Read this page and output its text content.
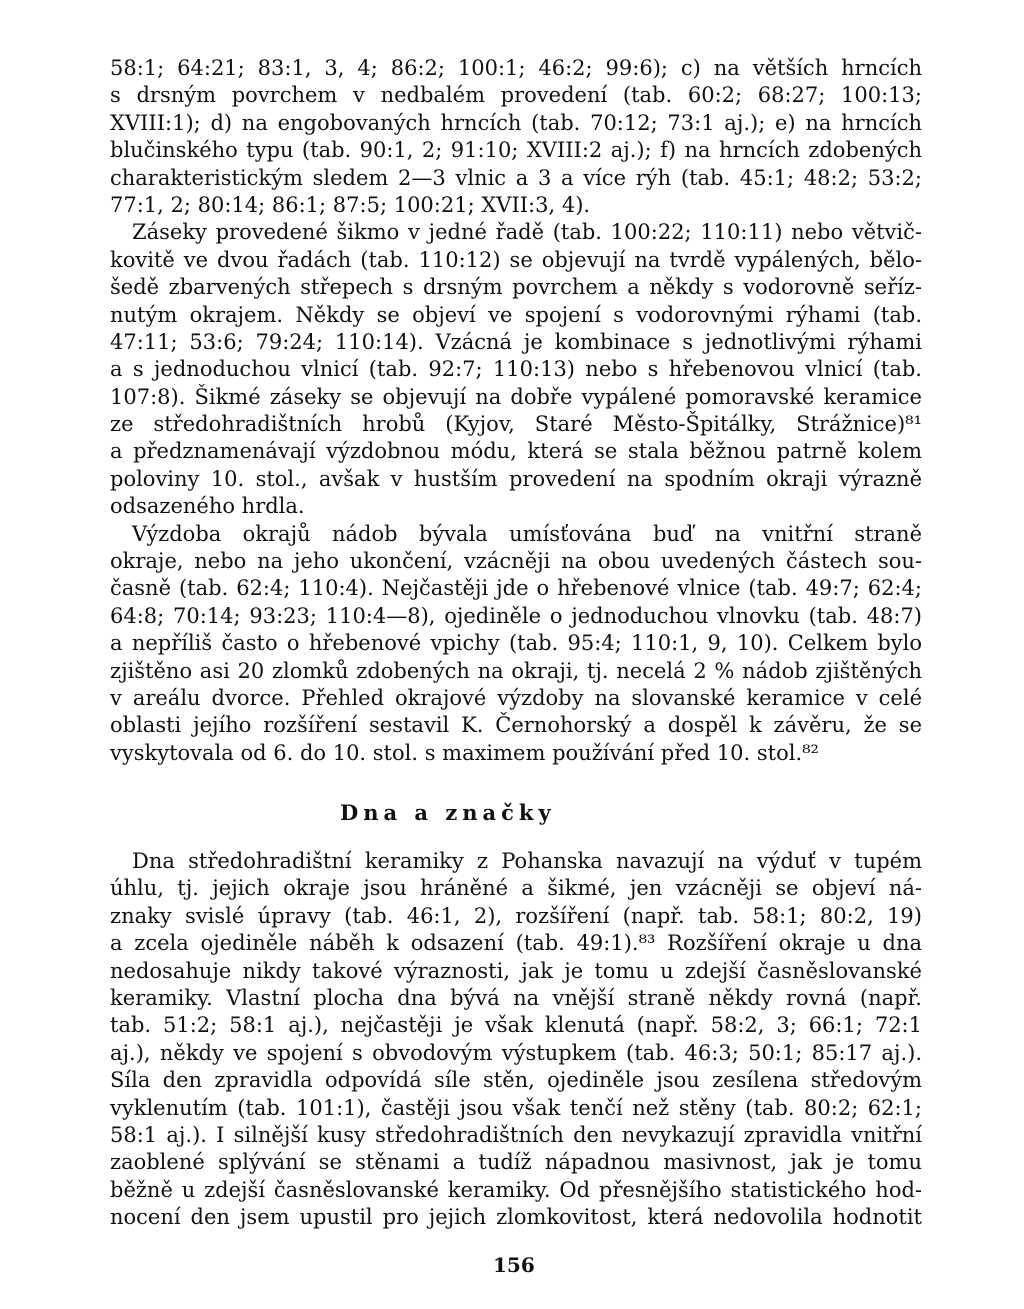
58:1; 64:21; 83:1, 3, 4; 86:2; 100:1; 46:2; 99:6); c) na větších hrncích
s drsným povrchem v nedbalém provedení (tab. 60:2; 68:27; 100:13;
XVIII:1); d) na engobovaných hrncích (tab. 70:12; 73:1 aj.); e) na hrncích
blučinského typu (tab. 90:1, 2; 91:10; XVIII:2 aj.); f) na hrncích zdobených
charakteristickým sledem 2—3 vlnic a 3 a více rýh (tab. 45:1; 48:2; 53:2;
77:1, 2; 80:14; 86:1; 87:5; 100:21; XVII:3, 4).
Záseky provedené šikmo v jedné řadě (tab. 100:22; 110:11) nebo větvič-
kovitě ve dvou řadách (tab. 110:12) se objevují na tvrdě vypálených, bělo-
šedě zbarvených střepech s drsným povrchem a někdy s vodorovně seříz-
nutým okrajem. Někdy se objeví ve spojení s vodorovnými rýhami (tab.
47:11; 53:6; 79:24; 110:14). Vzácná je kombinace s jednotlivými rýhami
a s jednoduchou vlnicí (tab. 92:7; 110:13) nebo s hřebenovou vlnicí (tab.
107:8). Šikmé záseky se objevují na dobře vypálené pomoravské keramice
ze středohradištních hrobů (Kyjov, Staré Město-Špitálky, Strážnice)⁸¹
a předznamenávají výzdobnou módu, která se stala běžnou patrně kolem
poloviny 10. stol., avšak v hustším provedení na spodním okraji výrazně
odsazeného hrdla.
Výzdoba okrajů nádob bývala umísťována buď na vnitřní straně
okraje, nebo na jeho ukončení, vzácněji na obou uvedených částech sou-
časně (tab. 62:4; 110:4). Nejčastěji jde o hřebenové vlnice (tab. 49:7; 62:4;
64:8; 70:14; 93:23; 110:4—8), ojediněle o jednoduchou vlnovku (tab. 48:7)
a nepříliš často o hřebenové vpichy (tab. 95:4; 110:1, 9, 10). Celkem bylo
zjištěno asi 20 zlomků zdobených na okraji, tj. necelá 2 % nádob zjištěných
v areálu dvorce. Přehled okrajové výzdoby na slovanské keramice v celé
oblasti jejího rozšíření sestavil K. Černohorský a dospěl k závěru, že se
vyskytovala od 6. do 10. stol. s maximem používání před 10. stol.⁸²
Dna a značky
Dna středohradištní keramiky z Pohanska navazují na výduť v tupém
úhlu, tj. jejich okraje jsou hráněné a šikmé, jen vzácněji se objeví ná-
znaky svislé úpravy (tab. 46:1, 2), rozšíření (např. tab. 58:1; 80:2, 19)
a zcela ojediněle náběh k odsazení (tab. 49:1).⁸³ Rozšíření okraje u dna
nedosahuje nikdy takové výraznosti, jak je tomu u zdejší časněslovanské
keramiky. Vlastní plocha dna bývá na vnější straně někdy rovná (např.
tab. 51:2; 58:1 aj.), nejčastěji je však klenutá (např. 58:2, 3; 66:1; 72:1
aj.), někdy ve spojení s obvodovým výstupkem (tab. 46:3; 50:1; 85:17 aj.).
Síla den zpravidla odpovídá síle stěn, ojediněle jsou zesílena středovým
vyklenutím (tab. 101:1), častěji jsou však tenčí než stěny (tab. 80:2; 62:1;
58:1 aj.). I silnější kusy středohradištních den nevykazují zpravidla vnitřní
zaoblené splývání se stěnami a tudíž nápadnou masivnost, jak je tomu
běžně u zdejší časněslovanské keramiky. Od přesnějšího statistického hod-
nocení den jsem upustil pro jejich zlomkovitost, která nedovolila hodnotit
156
